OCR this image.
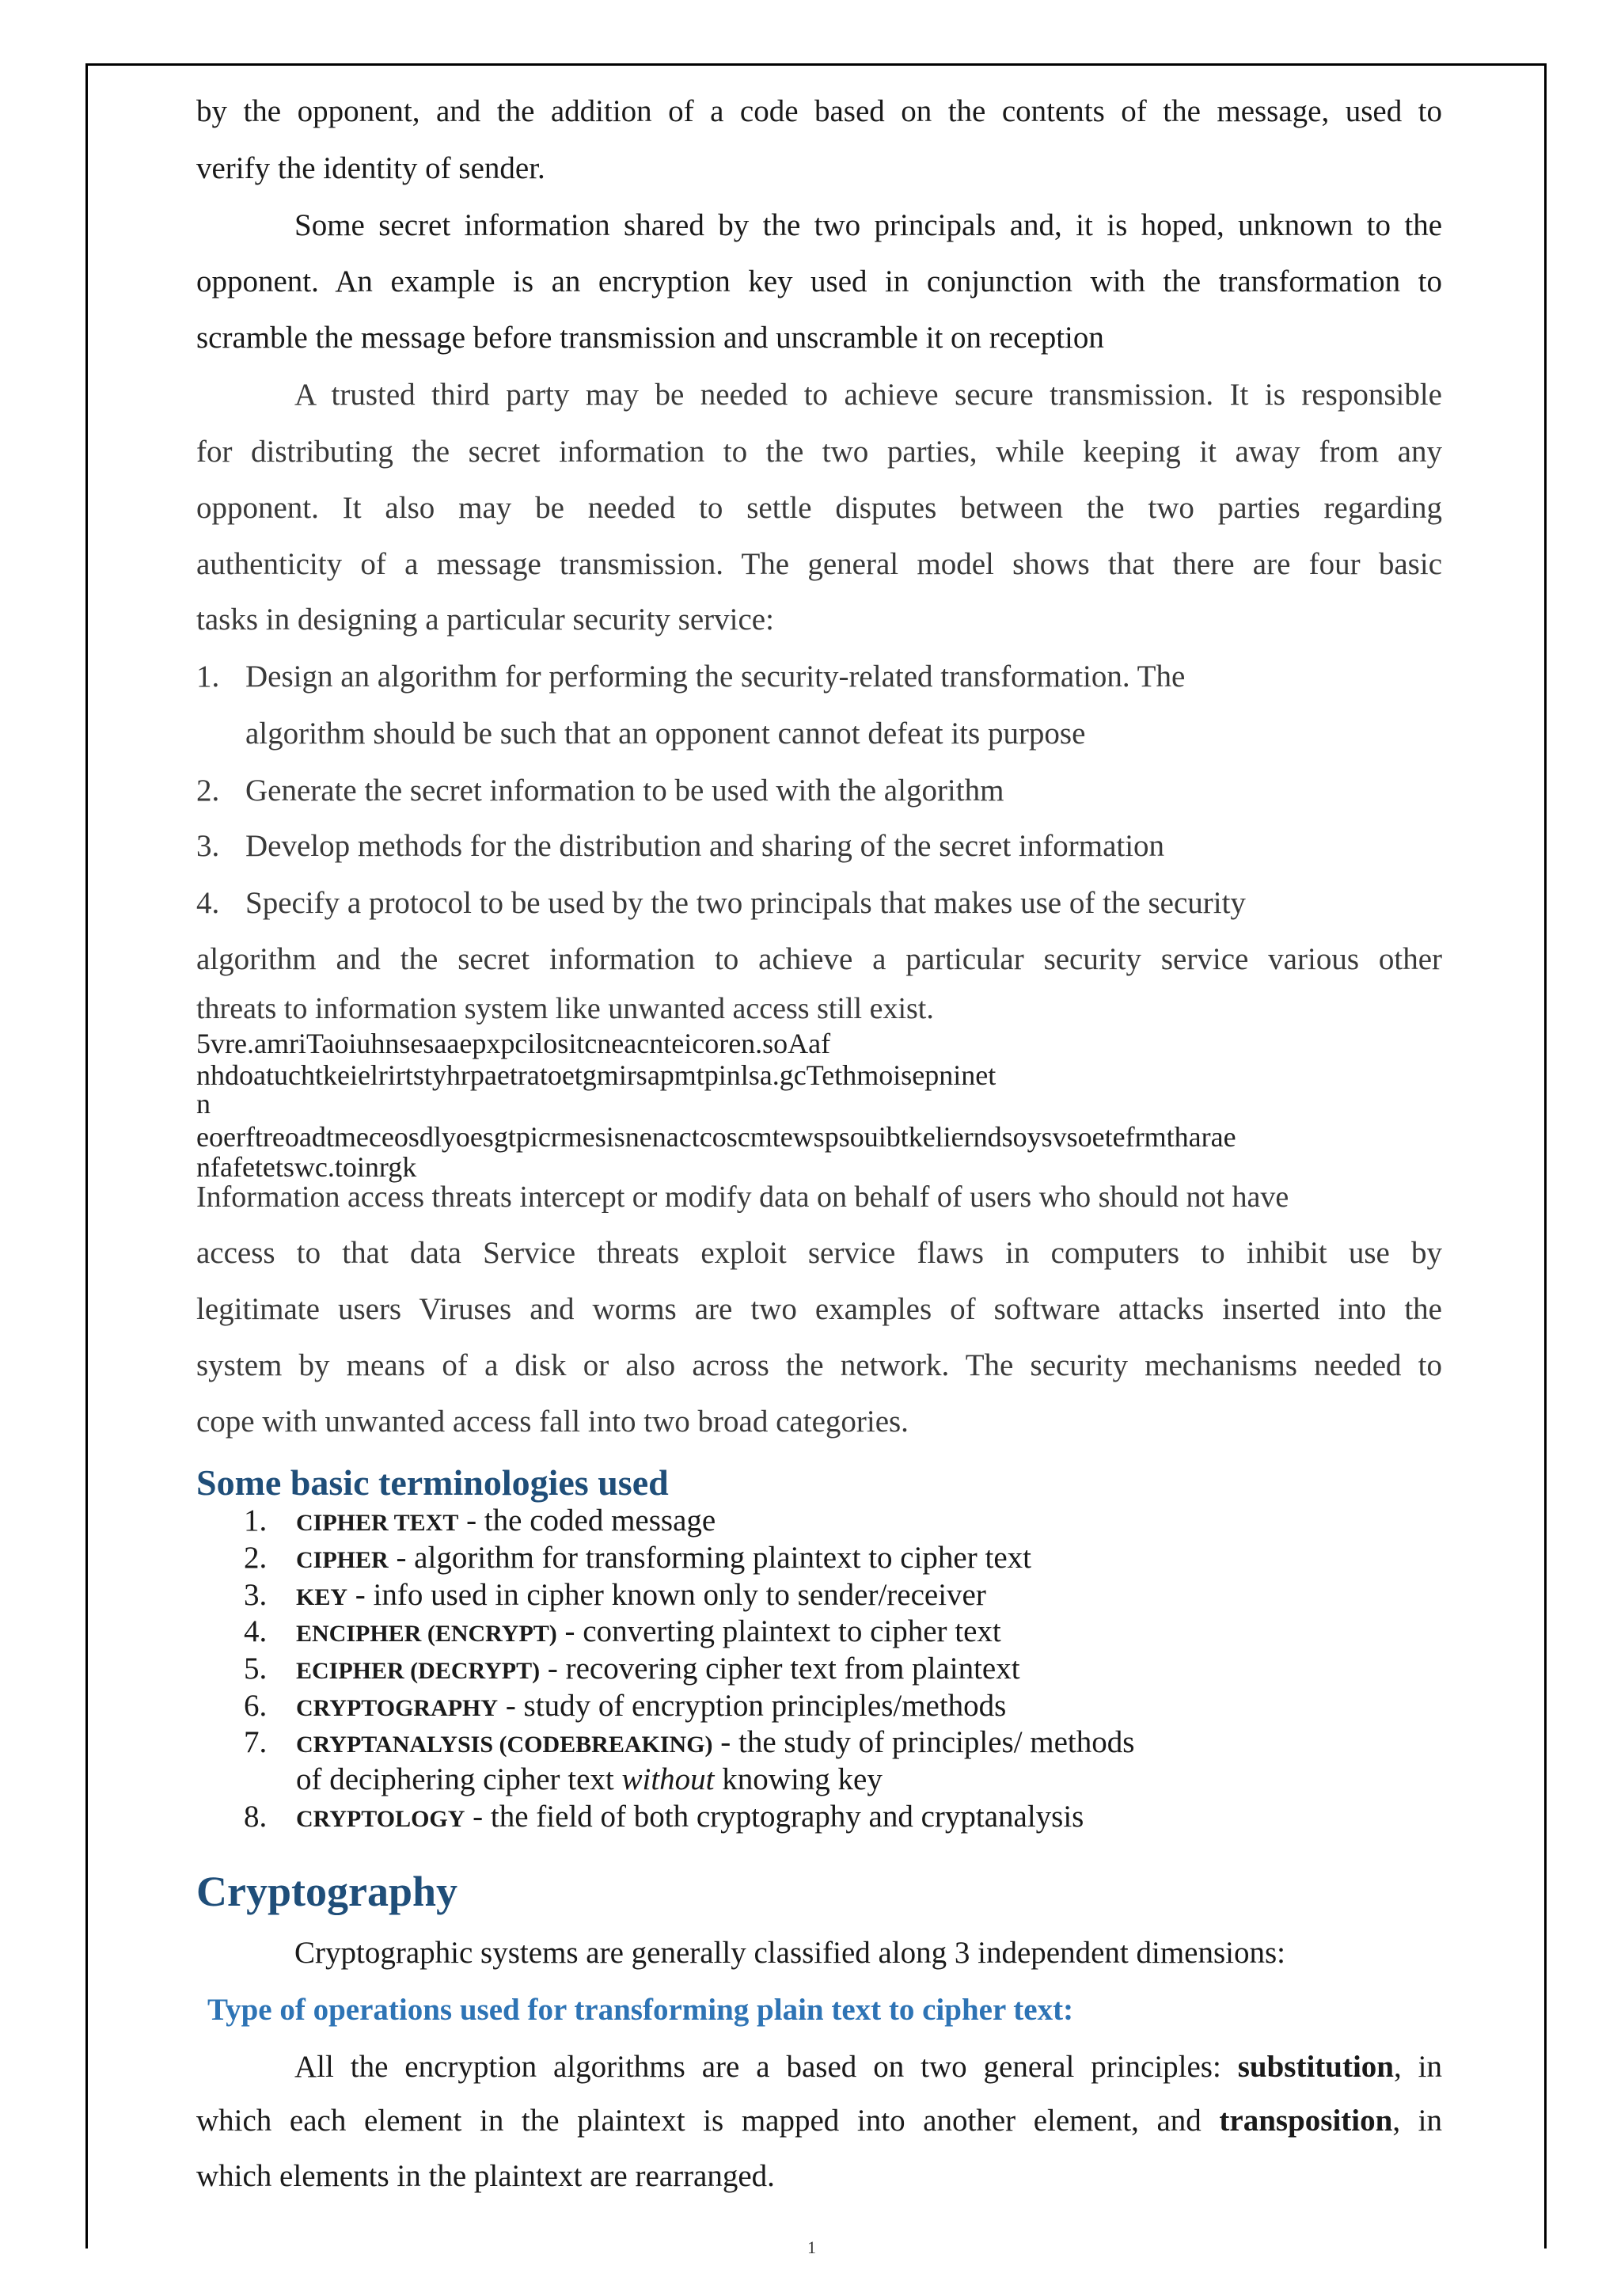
by the opponent, and the addition of a code based on the contents of the message, used to

verify the identity of sender.

Some secret information shared by the two principals and, it is hoped, unknown to the

opponent. An example is an encryption key used in conjunction with the transformation to

scramble the message before transmission and unscramble it on reception

A trusted third party may be needed to achieve secure transmission. It is responsible

for distributing the secret information to the two parties, while keeping it away from any

opponent. It also may be needed to settle disputes between the two parties regarding

authenticity of a message transmission. The general model shows that there are four basic

tasks in designing a particular security service:

1. Design an algorithm for performing the security-related transformation. The

algorithm should be such that an opponent cannot defeat its purpose

2. Generate the secret information to be used with the algorithm

3. Develop methods for the distribution and sharing of the secret information

4. Specify a protocol to be used by the two principals that makes use of the security

algorithm and the secret information to achieve a particular security service various other

threats to information system like unwanted access still exist.

5vre.amriTaoiuhnsesaaepxpcilositcneacnteicoren.soAaf
nhdoatuchtkeielrirtstyhrpaetratoetgmirsapmtpinlsa.gcTethmoisepninet
n
eoerftreoadtmeceosdlyoesgtpicrmesisnenactcoscmtewspsouibtkelierndsoysvsoetefrmtharae
nfafetetswc.toinrgk

Information access threats intercept or modify data on behalf of users who should not have

access to that data Service threats exploit service flaws in computers to inhibit use by

legitimate users Viruses and worms are two examples of software attacks inserted into the

system by means of a disk or also across the network. The security mechanisms needed to

cope with unwanted access fall into two broad categories.

Some basic terminologies used
1. CIPHER TEXT - the coded message
2. CIPHER - algorithm for transforming plaintext to cipher text
3. KEY - info used in cipher known only to sender/receiver
4. ENCIPHER (ENCRYPT) - converting plaintext to cipher text
5. ECIPHER (DECRYPT) - recovering cipher text from plaintext
6. CRYPTOGRAPHY - study of encryption principles/methods
7. CRYPTANALYSIS (CODEBREAKING) - the study of principles/ methods
of deciphering cipher text without knowing key
8. CRYPTOLOGY - the field of both cryptography and cryptanalysis
Cryptography

Cryptographic systems are generally classified along 3 independent dimensions:

Type of operations used for transforming plain text to cipher text:

All the encryption algorithms are a based on two general principles: substitution, in

which each element in the plaintext is mapped into another element, and transposition, in

which elements in the plaintext are rearranged.

1
